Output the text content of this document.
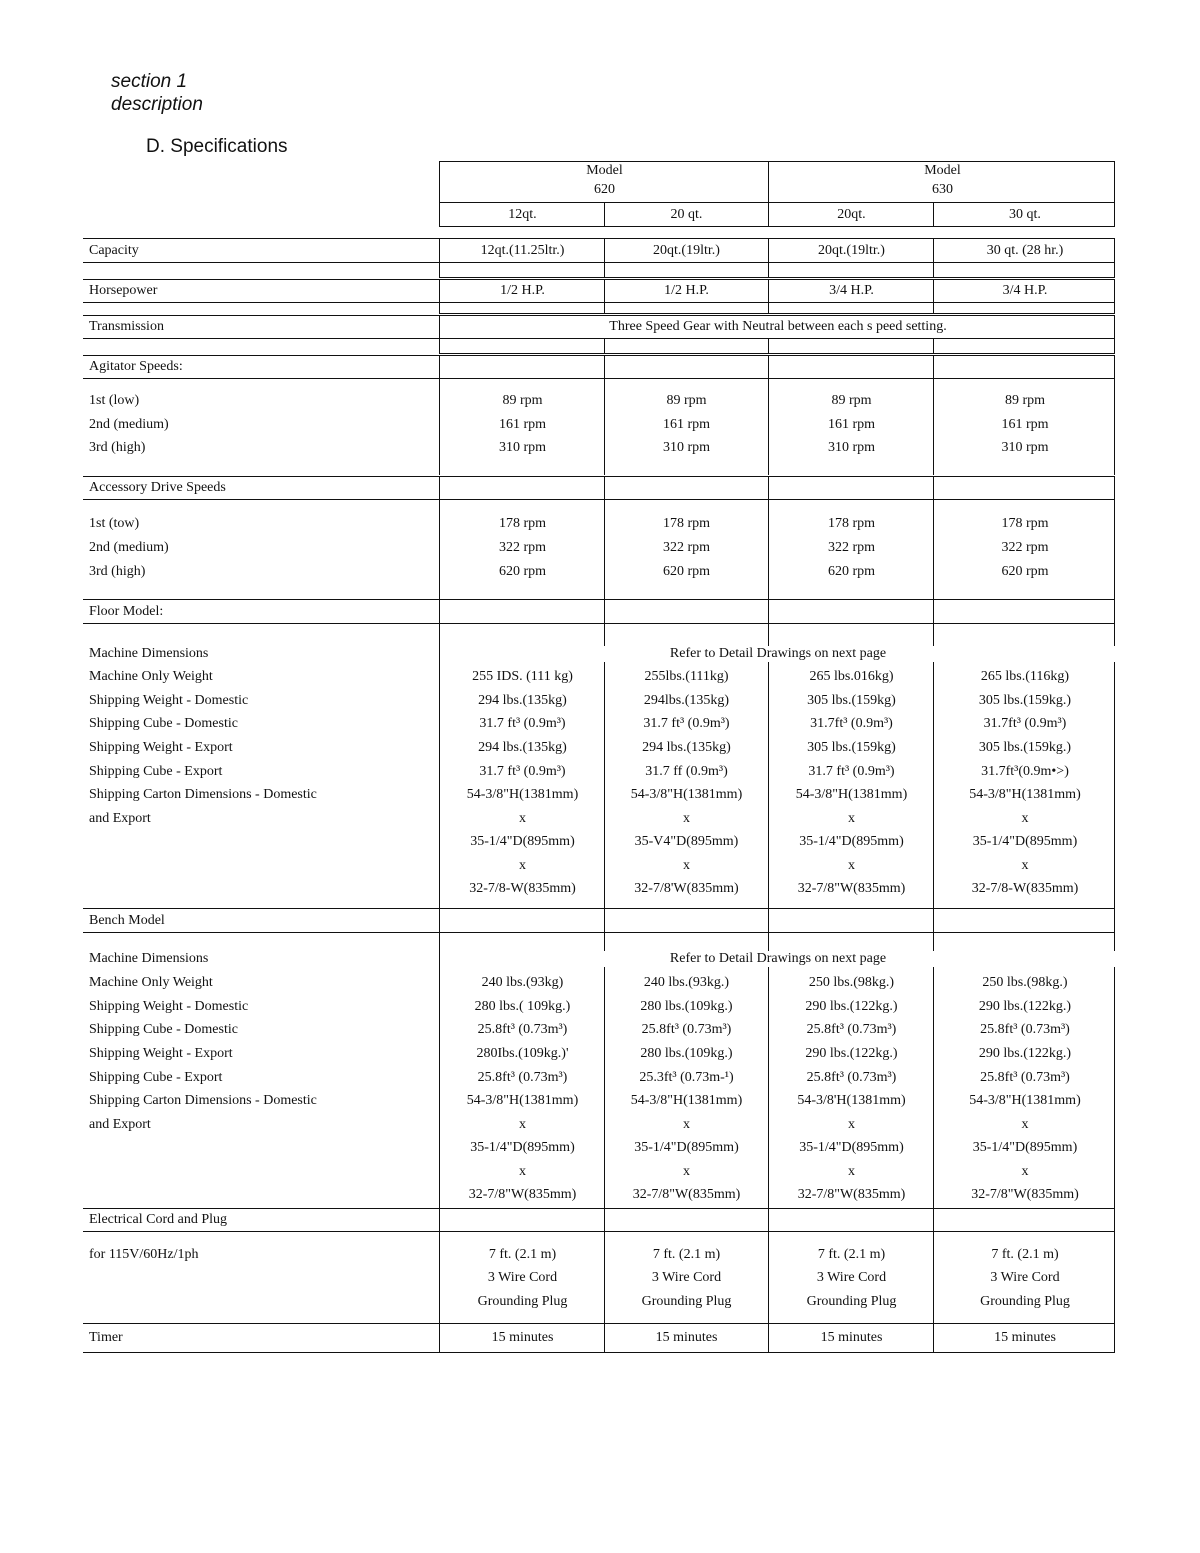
section 1
description
D. Specifications
Model
620
Model
630
12qt.	20 qt.	20qt.	30 qt.
Capacity	12qt.(11.25ltr.)	20qt.(19ltr.)	20qt.(19ltr.)	30 qt. (28 hr.)
Horsepower	1/2 H.P.	1/2 H.P.	3/4 H.P.	3/4 H.P.
Transmission	Three Speed Gear with Neutral between each s peed setting.
Agitator Speeds:
1st (low)	89 rpm	89 rpm	89 rpm	89 rpm
2nd (medium)	161 rpm	161 rpm	161 rpm	161 rpm
3rd (high)	310 rpm	310 rpm	310 rpm	310 rpm
Accessory Drive Speeds
1st (tow)	178 rpm	178 rpm	178 rpm	178 rpm
2nd (medium)	322 rpm	322 rpm	322 rpm	322 rpm
3rd (high)	620 rpm	620 rpm	620 rpm	620 rpm
Floor Model:
Machine Dimensions	Refer to Detail Drawings on next page
Machine Only Weight	255 IDS. (111 kg)	255lbs.(111kg)	265 lbs.016kg)	265 lbs.(116kg)
Shipping Weight - Domestic	294 lbs.(135kg)	294lbs.(135kg)	305 lbs.(159kg)	305 lbs.(159kg.)
Shipping Cube - Domestic	31.7 ft³ (0.9m³)	31.7 ft³ (0.9m³)	31.7ft³ (0.9m³)	31.7ft³ (0.9m³)
Shipping Weight - Export	294 lbs.(135kg)	294 lbs.(135kg)	305 lbs.(159kg)	305 lbs.(159kg.)
Shipping Cube - Export	31.7 ft³ (0.9m³)	31.7 ff (0.9m³)	31.7 ft³ (0.9m³)	31.7ft³(0.9m•˃)
Shipping Carton Dimensions - Domestic	54-3/8"H(1381mm)	54-3/8"H(1381mm)	54-3/8"H(1381mm)	54-3/8"H(1381mm)
and Export	x	x	x	x
35-1/4"D(895mm)	35-V4"D(895mm)	35-1/4"D(895mm)	35-1/4"D(895mm)
x	x	x	x
32-7/8-W(835mm)	32-7/8'W(835mm)	32-7/8"W(835mm)	32-7/8-W(835mm)
Bench Model
Machine Dimensions	Refer to Detail Drawings on next page
Machine Only Weight	240 lbs.(93kg)	240 lbs.(93kg.)	250 lbs.(98kg.)	250 lbs.(98kg.)
Shipping Weight - Domestic	280 lbs.( 109kg.)	280 lbs.(109kg.)	290 lbs.(122kg.)	290 lbs.(122kg.)
Shipping Cube - Domestic	25.8ft³ (0.73m³)	25.8ft³ (0.73m³)	25.8ft³ (0.73m³)	25.8ft³ (0.73m³)
Shipping Weight - Export	280Ibs.(109kg.)'	280 lbs.(109kg.)	290 lbs.(122kg.)	290 lbs.(122kg.)
Shipping Cube - Export	25.8ft³ (0.73m³)	25.3ft³ (0.73m-¹)	25.8ft³ (0.73m³)	25.8ft³ (0.73m³)
Shipping Carton Dimensions - Domestic	54-3/8"H(1381mm)	54-3/8"H(1381mm)	54-3/8'H(1381mm)	54-3/8"H(1381mm)
and Export	x	x	x	x
35-1/4"D(895mm)	35-1/4"D(895mm)	35-1/4"D(895mm)	35-1/4"D(895mm)
x	x	x	x
32-7/8"W(835mm)	32-7/8"W(835mm)	32-7/8"W(835mm)	32-7/8"W(835mm)
Electrical Cord and Plug
for 115V/60Hz/1ph	7 ft. (2.1 m)	7 ft. (2.1 m)	7 ft. (2.1 m)	7 ft. (2.1 m)
3 Wire Cord	3 Wire Cord	3 Wire Cord	3 Wire Cord
Grounding Plug	Grounding Plug	Grounding Plug	Grounding Plug
Timer	15 minutes	15 minutes	15 minutes	15 minutes
